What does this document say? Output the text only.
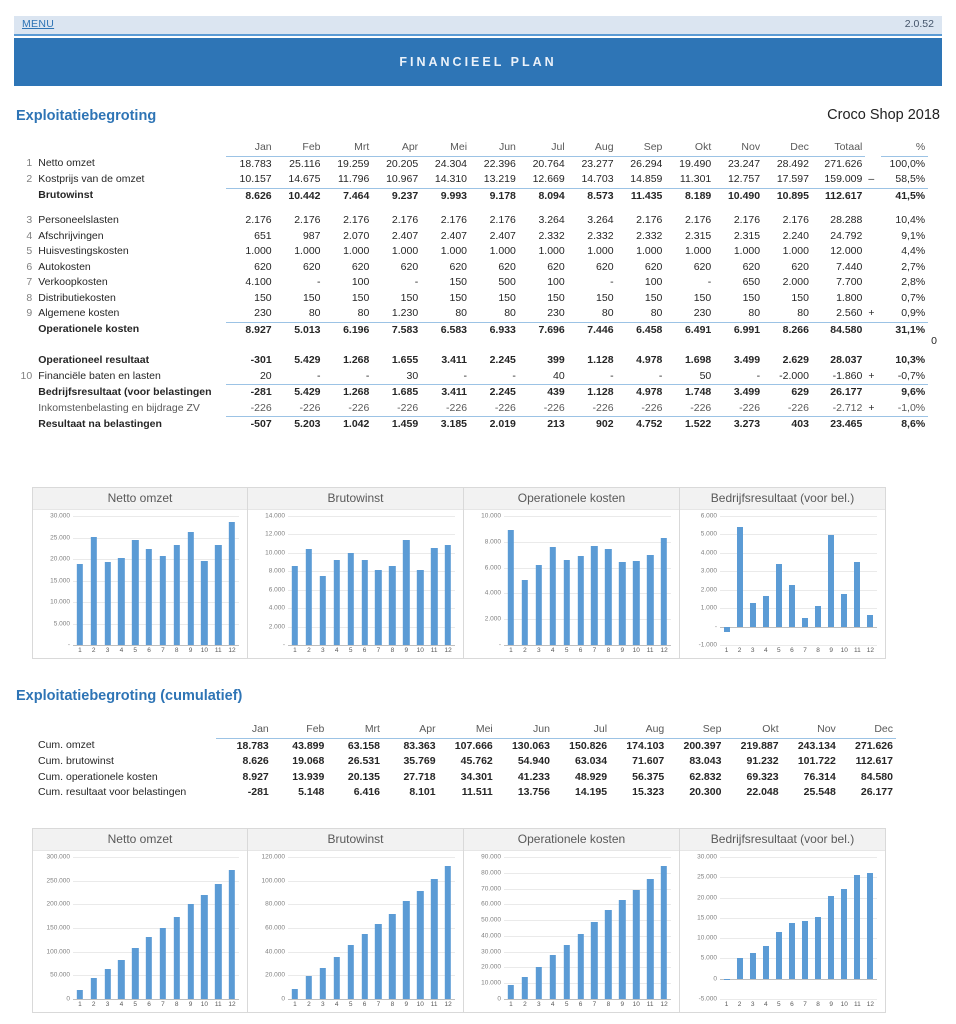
MENU	2.0.52
FINANCIEEL PLAN
Exploitatiebegroting	Croco Shop 2018
		Jan	Feb	Mrt	Apr	Mei	Jun	Jul	Aug	Sep	Okt	Nov	Dec	Totaal		%	
1	Netto omzet	18.783	25.116	19.259	20.205	24.304	22.396	20.764	23.277	26.294	19.490	23.247	28.492	271.626		100,0%	
2	Kostprijs van de omzet	10.157	14.675	11.796	10.967	14.310	13.219	12.669	14.703	14.859	11.301	12.757	17.597	159.009	–	58,5%	
	Brutowinst	8.626	10.442	7.464	9.237	9.993	9.178	8.094	8.573	11.435	8.189	10.490	10.895	112.617		41,5%	

3	Personeelslasten	2.176	2.176	2.176	2.176	2.176	2.176	3.264	3.264	2.176	2.176	2.176	2.176	28.288		10,4%	
4	Afschrijvingen	651	987	2.070	2.407	2.407	2.407	2.332	2.332	2.332	2.315	2.315	2.240	24.792		9,1%	
5	Huisvestingskosten	1.000	1.000	1.000	1.000	1.000	1.000	1.000	1.000	1.000	1.000	1.000	1.000	12.000		4,4%	
6	Autokosten	620	620	620	620	620	620	620	620	620	620	620	620	7.440		2,7%	
7	Verkoopkosten	4.100	-	100	-	150	500	100	-	100	-	650	2.000	7.700		2,8%	
8	Distributiekosten	150	150	150	150	150	150	150	150	150	150	150	150	1.800		0,7%	
9	Algemene kosten	230	80	80	1.230	80	80	230	80	80	230	80	80	2.560	+	0,9%	
	Operationele kosten	8.927	5.013	6.196	7.583	6.583	6.933	7.696	7.446	6.458	6.491	6.991	8.266	84.580		31,1%	
																	0

	Operationeel resultaat	-301	5.429	1.268	1.655	3.411	2.245	399	1.128	4.978	1.698	3.499	2.629	28.037		10,3%	
10	Financiële baten en lasten	20	-	-	30	-	-	40	-	-	50	-	-2.000	-1.860	+	-0,7%	
	Bedrijfsresultaat (voor belastingen	-281	5.429	1.268	1.685	3.411	2.245	439	1.128	4.978	1.748	3.499	629	26.177		9,6%	
	Inkomstenbelasting en bijdrage ZV	-226	-226	-226	-226	-226	-226	-226	-226	-226	-226	-226	-226	-2.712	+	-1,0%	
	Resultaat na belastingen	-507	5.203	1.042	1.459	3.185	2.019	213	902	4.752	1.522	3.273	403	23.465		8,6%	
Netto omzet
-
5.000
10.000
15.000
20.000
25.000
30.000
1	2	3	4	5	6	7	8	9	10	11	12
Brutowinst
-
2.000
4.000
6.000
8.000
10.000
12.000
14.000
1	2	3	4	5	6	7	8	9	10	11	12
Operationele kosten
-
2.000
4.000
6.000
8.000
10.000
1	2	3	4	5	6	7	8	9	10	11	12
Bedrijfsresultaat (voor bel.)
-1.000
-
1.000
2.000
3.000
4.000
5.000
6.000
1	2	3	4	5	6	7	8	9	10 11 12
Exploitatiebegroting (cumulatief)
	Jan	Feb	Mrt	Apr	Mei	Jun	Jul	Aug	Sep	Okt	Nov	Dec
Cum. omzet	18.783	43.899	63.158	83.363	107.666	130.063	150.826	174.103	200.397	219.887	243.134	271.626
Cum. brutowinst	8.626	19.068	26.531	35.769	45.762	54.940	63.034	71.607	83.043	91.232	101.722	112.617
Cum. operationele kosten	8.927	13.939	20.135	27.718	34.301	41.233	48.929	56.375	62.832	69.323	76.314	84.580
Cum. resultaat voor belastingen	-281	5.148	6.416	8.101	11.511	13.756	14.195	15.323	20.300	22.048	25.548	26.177
Netto omzet
0
50.000
100.000
150.000
200.000
250.000
300.000
1	2	3	4	5	6	7	8	9	10	11	12
Brutowinst
0
20.000
40.000
60.000
80.000
100.000
120.000
1	2	3	4	5	6	7	8	9	10	11	12
Operationele kosten
0
10.000
20.000
30.000
40.000
50.000
60.000
70.000
80.000
90.000
1	2	3	4	5	6	7	8	9	10	11	12
Bedrijfsresultaat (voor bel.)
-5.000
0
5.000
10.000
15.000
20.000
25.000
30.000
1	2	3	4	5	6	7	8	9	10 11 12
